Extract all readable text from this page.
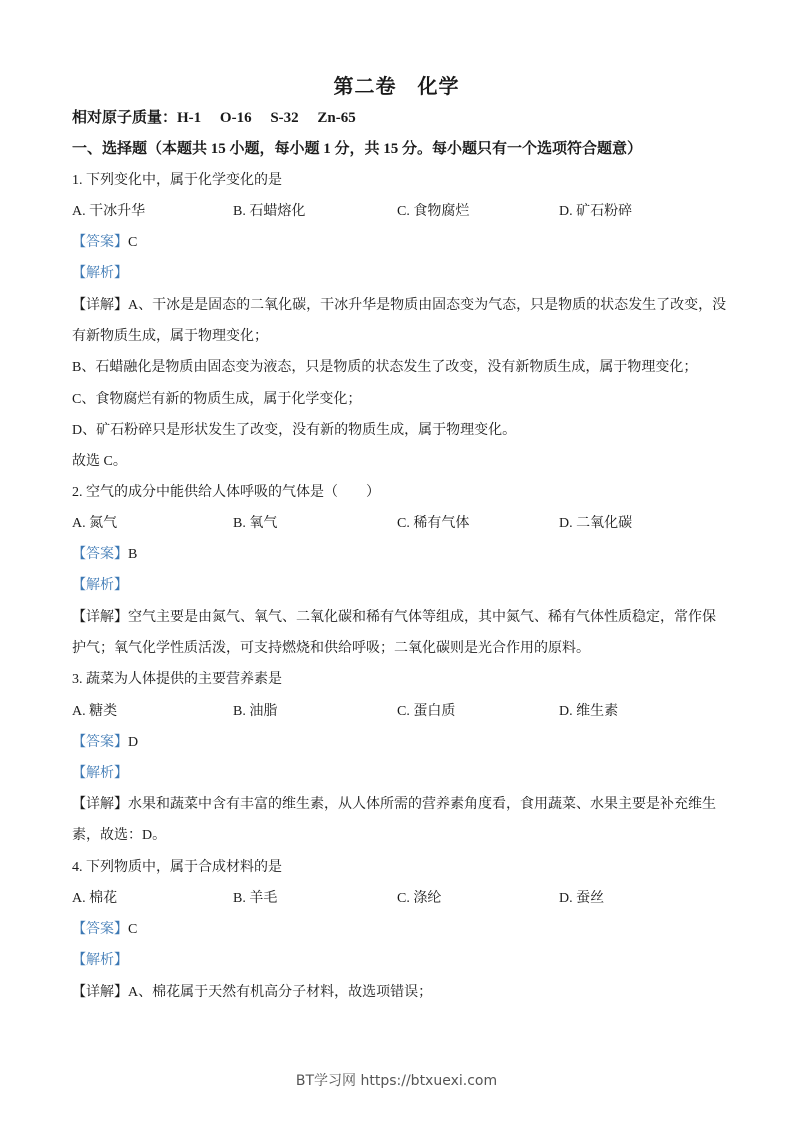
第二卷　化学
相对原子质量：H-1　 O-16　 S-32　 Zn-65
一、选择题（本题共 15 小题，每小题 1 分，共 15 分。每小题只有一个选项符合题意）
1. 下列变化中，属于化学变化的是
A. 干冰升华	B. 石蜡熔化	C. 食物腐烂	D. 矿石粉碎
【答案】C
【解析】
【详解】A、干冰是是固态的二氧化碳，干冰升华是物质由固态变为气态，只是物质的状态发生了改变，没
有新物质生成，属于物理变化；
B、石蜡融化是物质由固态变为液态，只是物质的状态发生了改变，没有新物质生成，属于物理变化；
C、食物腐烂有新的物质生成，属于化学变化；
D、矿石粉碎只是形状发生了改变，没有新的物质生成，属于物理变化。
故选 C。
2. 空气的成分中能供给人体呼吸的气体是（　　）
A. 氮气	B. 氧气	C. 稀有气体	D. 二氧化碳
【答案】B
【解析】
【详解】空气主要是由氮气、氧气、二氧化碳和稀有气体等组成，其中氮气、稀有气体性质稳定，常作保
护气；氧气化学性质活泼，可支持燃烧和供给呼吸；二氧化碳则是光合作用的原料。
3. 蔬菜为人体提供的主要营养素是
A. 糖类	B. 油脂	C. 蛋白质	D. 维生素
【答案】D
【解析】
【详解】水果和蔬菜中含有丰富的维生素，从人体所需的营养素角度看，食用蔬菜、水果主要是补充维生
素，故选：D。
4. 下列物质中，属于合成材料的是
A. 棉花	B. 羊毛	C. 涤纶	D. 蚕丝
【答案】C
【解析】
【详解】A、棉花属于天然有机高分子材料，故选项错误；
BT学习网 https://btxuexi.com
